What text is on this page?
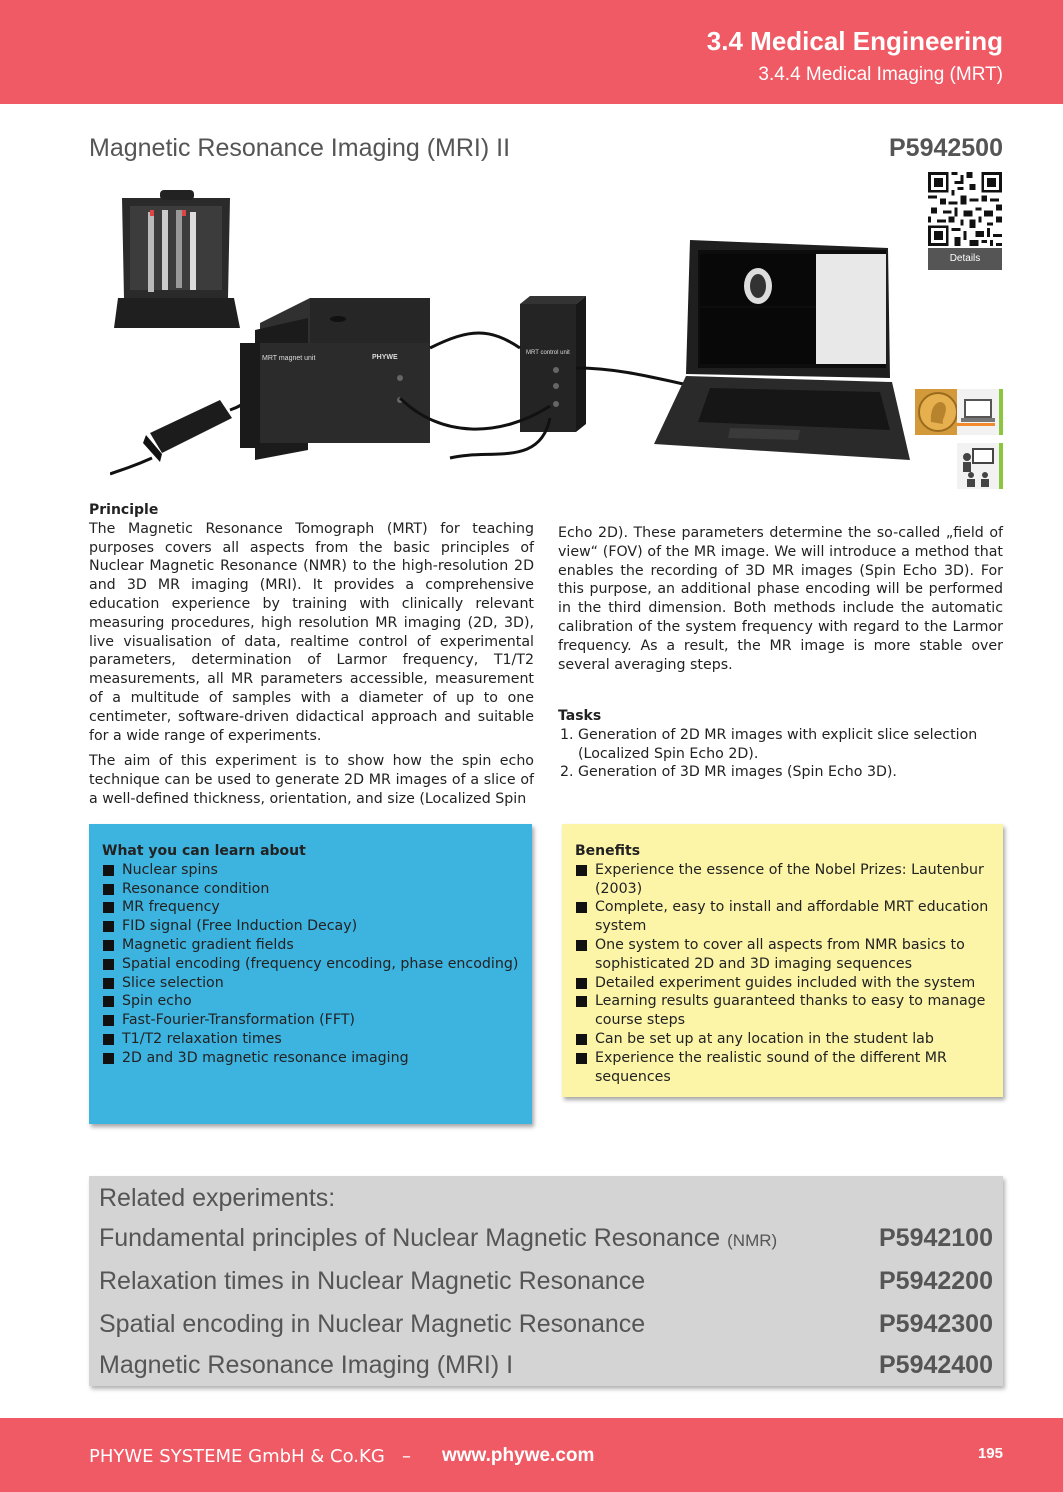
3.4 Medical Engineering
3.4.4 Medical Imaging (MRT)
Magnetic Resonance Imaging (MRI) II	P5942500
Details
MRT magnet unit	PHYWE
MRT control unit
Principle

The Magnetic Resonance Tomograph (MRT) for teaching purposes covers all aspects from the basic principles of Nuclear Magnetic Resonance (NMR) to the high-resolution 2D and 3D MR imaging (MRI). It provides a comprehensive education experience by training with clinically relevant measuring procedures, high resolution MR imaging (2D, 3D), live visualisation of data, realtime control of experimental parameters, determination of Larmor frequency, T1/T2 measurements, all MR parameters accessible, measurement of a multitude of samples with a diameter of up to one centimeter, software-driven didactical approach and suitable for a wide range of experiments.

The aim of this experiment is to show how the spin echo technique can be used to generate 2D MR images of a slice of a well-defined thickness, orientation, and size (Localized Spin

Echo 2D). These parameters determine the so-called „field of view“ (FOV) of the MR image. We will introduce a method that enables the recording of 3D MR images (Spin Echo 3D). For this purpose, an additional phase encoding will be performed in the third dimension. Both methods include the automatic calibration of the system frequency with regard to the Larmor frequency. As a result, the MR image is more stable over several averaging steps.

Tasks
1. Generation of 2D MR images with explicit slice selection (Localized Spin Echo 2D).
2. Generation of 3D MR images (Spin Echo 3D).
What you can learn about
Nuclear spins
Resonance condition
MR frequency
FID signal (Free Induction Decay)
Magnetic gradient fields
Spatial encoding (frequency encoding, phase encoding)
Slice selection
Spin echo
Fast-Fourier-Transformation (FFT)
T1/T2 relaxation times
2D and 3D magnetic resonance imaging
Benefits
Experience the essence of the Nobel Prizes: Lautenbur (2003)
Complete, easy to install and affordable MRT education system
One system to cover all aspects from NMR basics to sophisticated 2D and 3D imaging sequences
Detailed experiment guides included with the system
Learning results guaranteed thanks to easy to manage course steps
Can be set up at any location in the student lab
Experience the realistic sound of the different MR sequences
Related experiments:
Fundamental principles of Nuclear Magnetic Resonance (NMR)	P5942100
Relaxation times in Nuclear Magnetic Resonance	P5942200
Spatial encoding in Nuclear Magnetic Resonance	P5942300
Magnetic Resonance Imaging (MRI) I	P5942400
PHYWE SYSTEME GmbH & Co.KG – www.phywe.com	195
